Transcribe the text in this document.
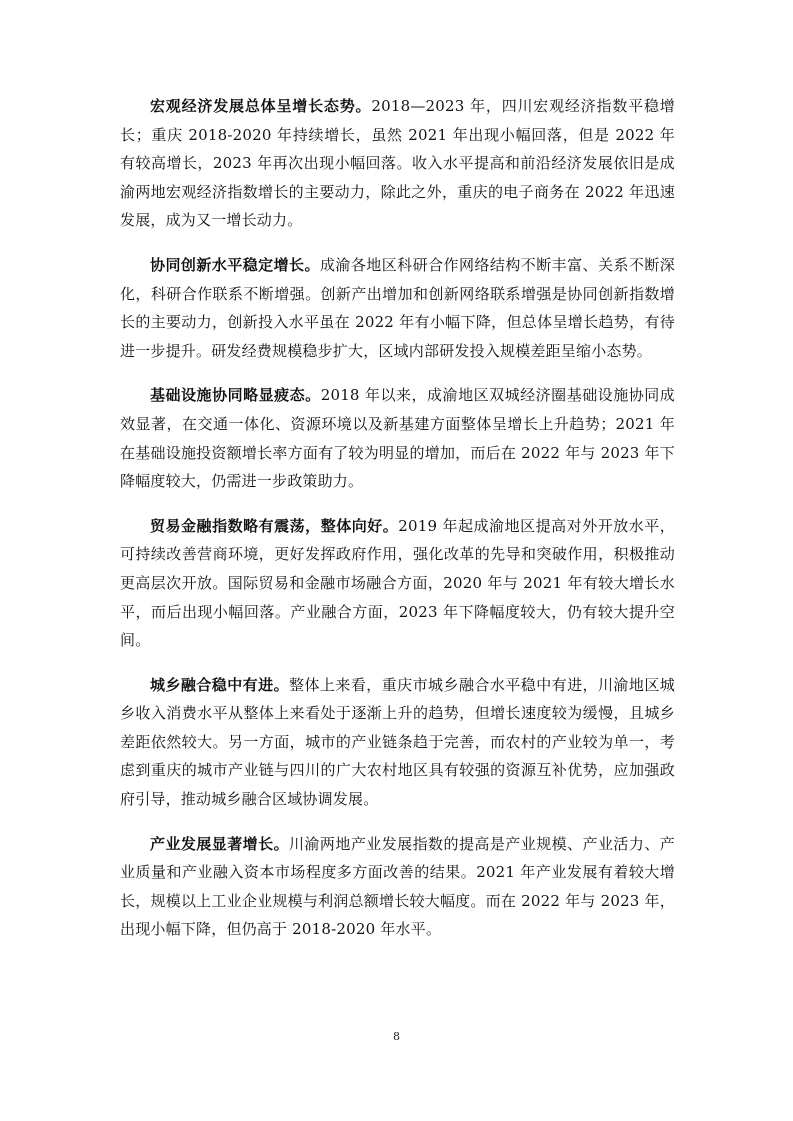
宏观经济发展总体呈增长态势。2018—2023 年，四川宏观经济指数平稳增长；重庆 2018-2020 年持续增长，虽然 2021 年出现小幅回落，但是 2022 年有较高增长，2023 年再次出现小幅回落。收入水平提高和前沿经济发展依旧是成渝两地宏观经济指数增长的主要动力，除此之外，重庆的电子商务在 2022 年迅速发展，成为又一增长动力。

协同创新水平稳定增长。成渝各地区科研合作网络结构不断丰富、关系不断深化，科研合作联系不断增强。创新产出增加和创新网络联系增强是协同创新指数增长的主要动力，创新投入水平虽在 2022 年有小幅下降，但总体呈增长趋势，有待进一步提升。研发经费规模稳步扩大，区域内部研发投入规模差距呈缩小态势。

基础设施协同略显疲态。2018 年以来，成渝地区双城经济圈基础设施协同成效显著，在交通一体化、资源环境以及新基建方面整体呈增长上升趋势；2021 年在基础设施投资额增长率方面有了较为明显的增加，而后在 2022 年与 2023 年下降幅度较大，仍需进一步政策助力。

贸易金融指数略有震荡，整体向好。2019 年起成渝地区提高对外开放水平，可持续改善营商环境，更好发挥政府作用，强化改革的先导和突破作用，积极推动更高层次开放。国际贸易和金融市场融合方面，2020 年与 2021 年有较大增长水平，而后出现小幅回落。产业融合方面，2023 年下降幅度较大，仍有较大提升空间。

城乡融合稳中有进。整体上来看，重庆市城乡融合水平稳中有进，川渝地区城乡收入消费水平从整体上来看处于逐渐上升的趋势，但增长速度较为缓慢，且城乡差距依然较大。另一方面，城市的产业链条趋于完善，而农村的产业较为单一，考虑到重庆的城市产业链与四川的广大农村地区具有较强的资源互补优势，应加强政府引导，推动城乡融合区域协调发展。

产业发展显著增长。川渝两地产业发展指数的提高是产业规模、产业活力、产业质量和产业融入资本市场程度多方面改善的结果。2021 年产业发展有着较大增长，规模以上工业企业规模与利润总额增长较大幅度。而在 2022 年与 2023 年，出现小幅下降，但仍高于 2018-2020 年水平。

8
